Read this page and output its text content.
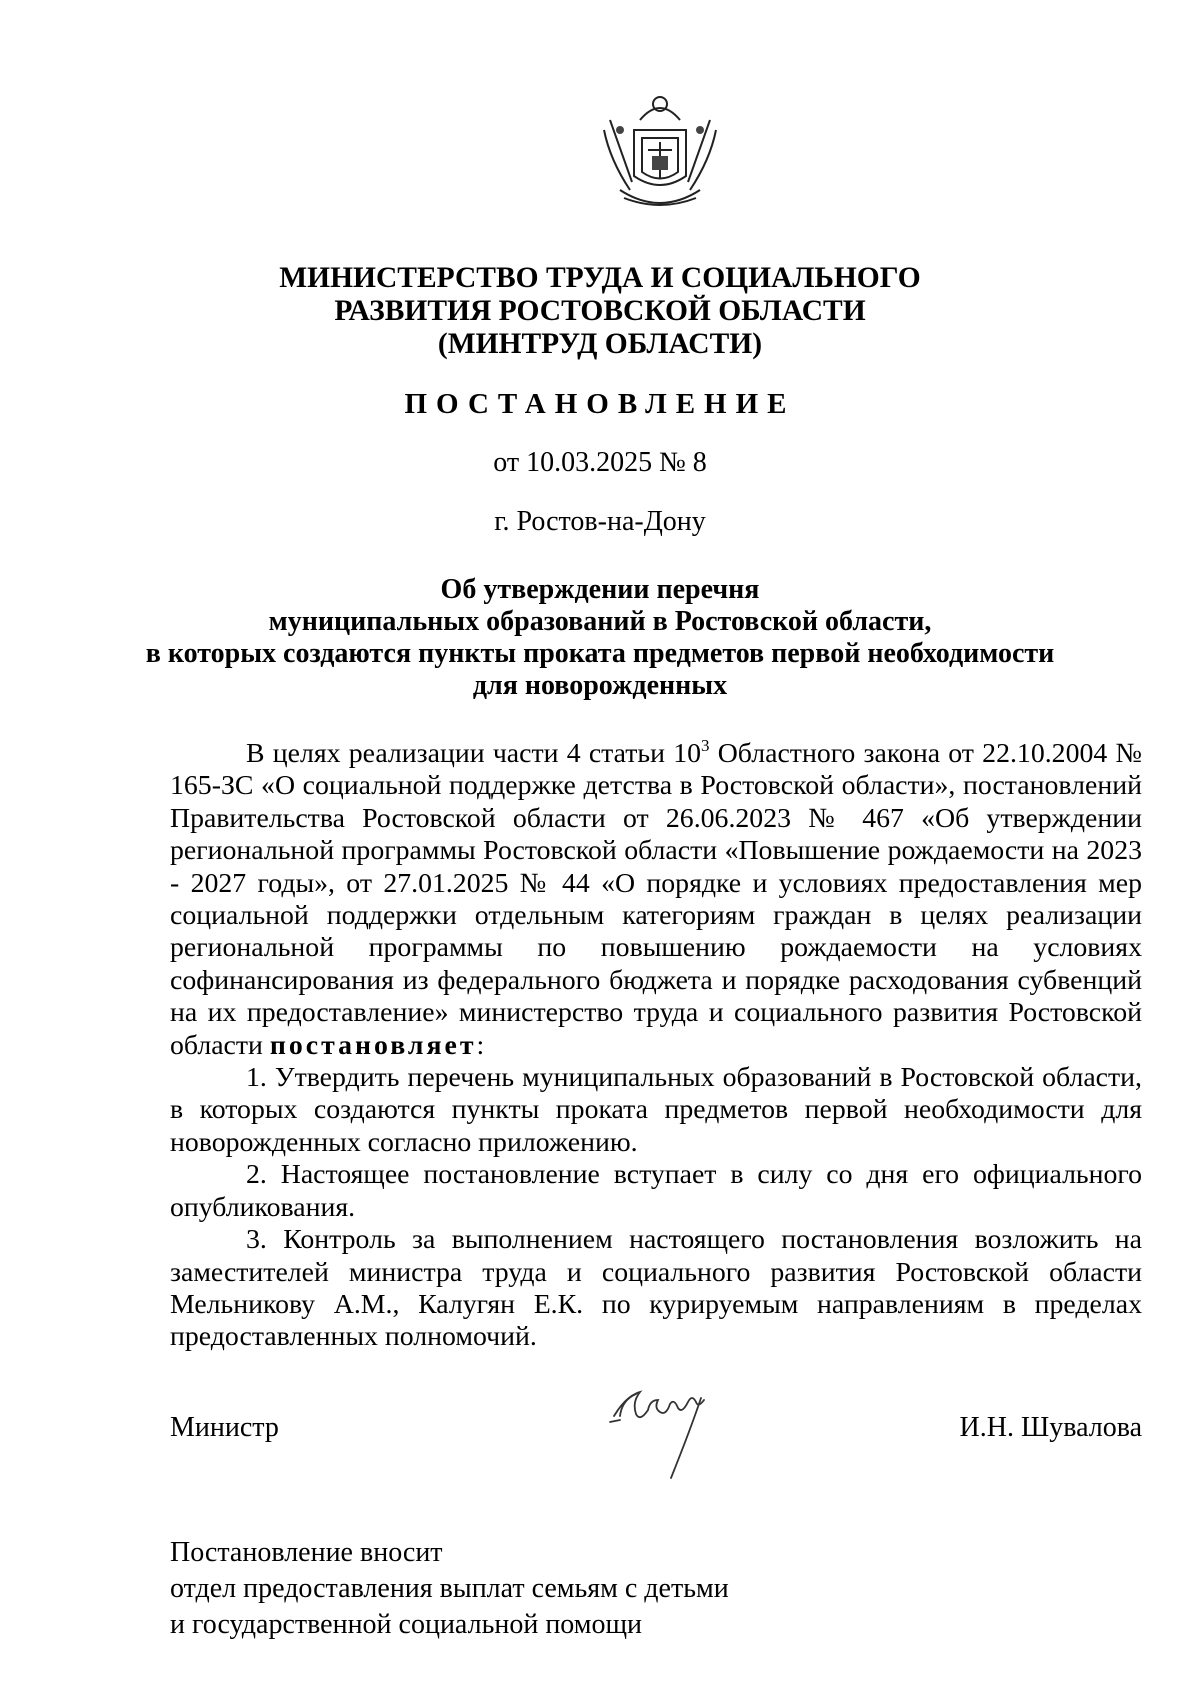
МИНИСТЕРСТВО ТРУДА И СОЦИАЛЬНОГО
РАЗВИТИЯ РОСТОВСКОЙ ОБЛАСТИ
(МИНТРУД ОБЛАСТИ)
ПОСТАНОВЛЕНИЕ
от 10.03.2025 № 8
г. Ростов-на-Дону
Об утверждении перечня
муниципальных образований в Ростовской области,
в которых создаются пункты проката предметов первой необходимости
для новорожденных

В целях реализации части 4 статьи $10^3$ Областного закона от 22.10.2004 № 165-ЗС «О социальной поддержке детства в Ростовской области», постановлений Правительства Ростовской области от 26.06.2023 № 467 «Об утверждении региональной программы Ростовской области «Повышение рождаемости на 2023 - 2027 годы», от 27.01.2025 № 44 «О порядке и условиях предоставления мер социальной поддержки отдельным категориям граждан в целях реализации региональной программы по повышению рождаемости на условиях софинансирования из федерального бюджета и порядке расходования субвенций на их предоставление» министерство труда и социального развития Ростовской области постановляет:

1. Утвердить перечень муниципальных образований в Ростовской области, в которых создаются пункты проката предметов первой необходимости для новорожденных согласно приложению.

2. Настоящее постановление вступает в силу со дня его официального опубликования.

3. Контроль за выполнением настоящего постановления возложить на заместителей министра труда и социального развития Ростовской области Мельникову А.М., Калугян Е.К. по курируемым направлениям в пределах предоставленных полномочий.

Министр	И.Н. Шувалова
Постановление вносит
отдел предоставления выплат семьям с детьми
и государственной социальной помощи
